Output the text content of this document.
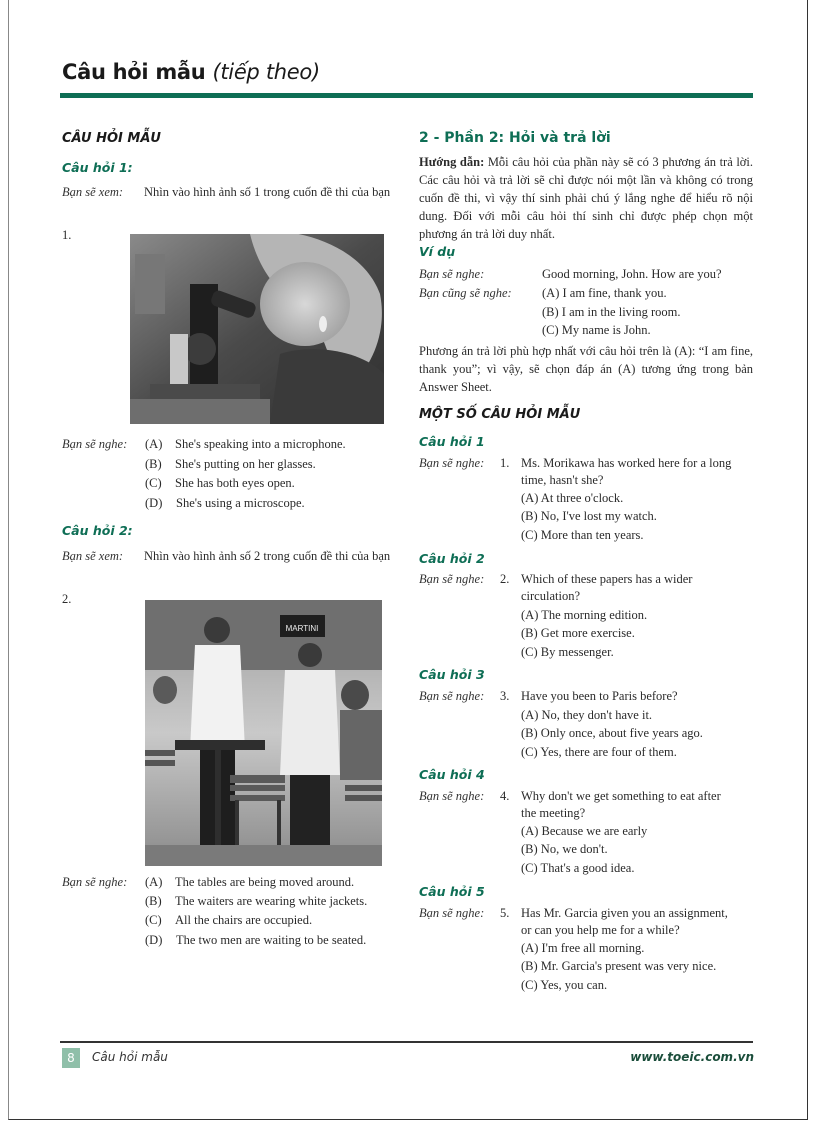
Câu hỏi mẫu (tiếp theo)
CÂU HỎI MẪU
Câu hỏi 1:
Bạn sẽ xem: Nhìn vào hình ảnh số 1 trong cuốn đề thi của bạn
1.
Bạn sẽ nghe: (A) She's speaking into a microphone.
(B) She's putting on her glasses.
(C) She has both eyes open.
(D) She's using a microscope.
Câu hỏi 2:
Bạn sẽ xem: Nhìn vào hình ảnh số 2 trong cuốn đề thi của bạn
2.
MARTINI
Bạn sẽ nghe: (A) The tables are being moved around.
(B) The waiters are wearing white jackets.
(C) All the chairs are occupied.
(D) The two men are waiting to be seated.
2 - Phần 2: Hỏi và trả lời
Hướng dẫn: Mỗi câu hỏi của phần này sẽ có 3 phương án trả lời. Các câu hỏi và trả lời sẽ chỉ được nói một lần và không có trong cuốn đề thi, vì vậy thí sinh phải chú ý lắng nghe để hiểu rõ nội dung. Đối với mỗi câu hỏi thí sinh chỉ được phép chọn một phương án trả lời duy nhất.
Ví dụ
Bạn sẽ nghe:	Good morning, John. How are you?
Bạn cũng sẽ nghe: (A) I am fine, thank you.
(B) I am in the living room.
(C) My name is John.
Phương án trả lời phù hợp nhất với câu hỏi trên là (A): “I am fine, thank you”; vì vậy, sẽ chọn đáp án (A) tương ứng trong bản Answer Sheet.
MỘT SỐ CÂU HỎI MẪU
Câu hỏi 1
Bạn sẽ nghe: 1. Ms. Morikawa has worked here for a long
time, hasn't she?
(A) At three o'clock.
(B) No, I've lost my watch.
(C) More than ten years.
Câu hỏi 2
Bạn sẽ nghe: 2. Which of these papers has a wider
circulation?
(A) The morning edition.
(B) Get more exercise.
(C) By messenger.
Câu hỏi 3
Bạn sẽ nghe: 3. Have you been to Paris before?
(A) No, they don't have it.
(B) Only once, about five years ago.
(C) Yes, there are four of them.
Câu hỏi 4
Bạn sẽ nghe: 4. Why don't we get something to eat after
the meeting?
(A) Because we are early
(B) No, we don't.
(C) That's a good idea.
Câu hỏi 5
Bạn sẽ nghe: 5. Has Mr. Garcia given you an assignment,
or can you help me for a while?
(A) I'm free all morning.
(B) Mr. Garcia's present was very nice.
(C) Yes, you can.
8	Câu hỏi mẫu	www.toeic.com.vn
